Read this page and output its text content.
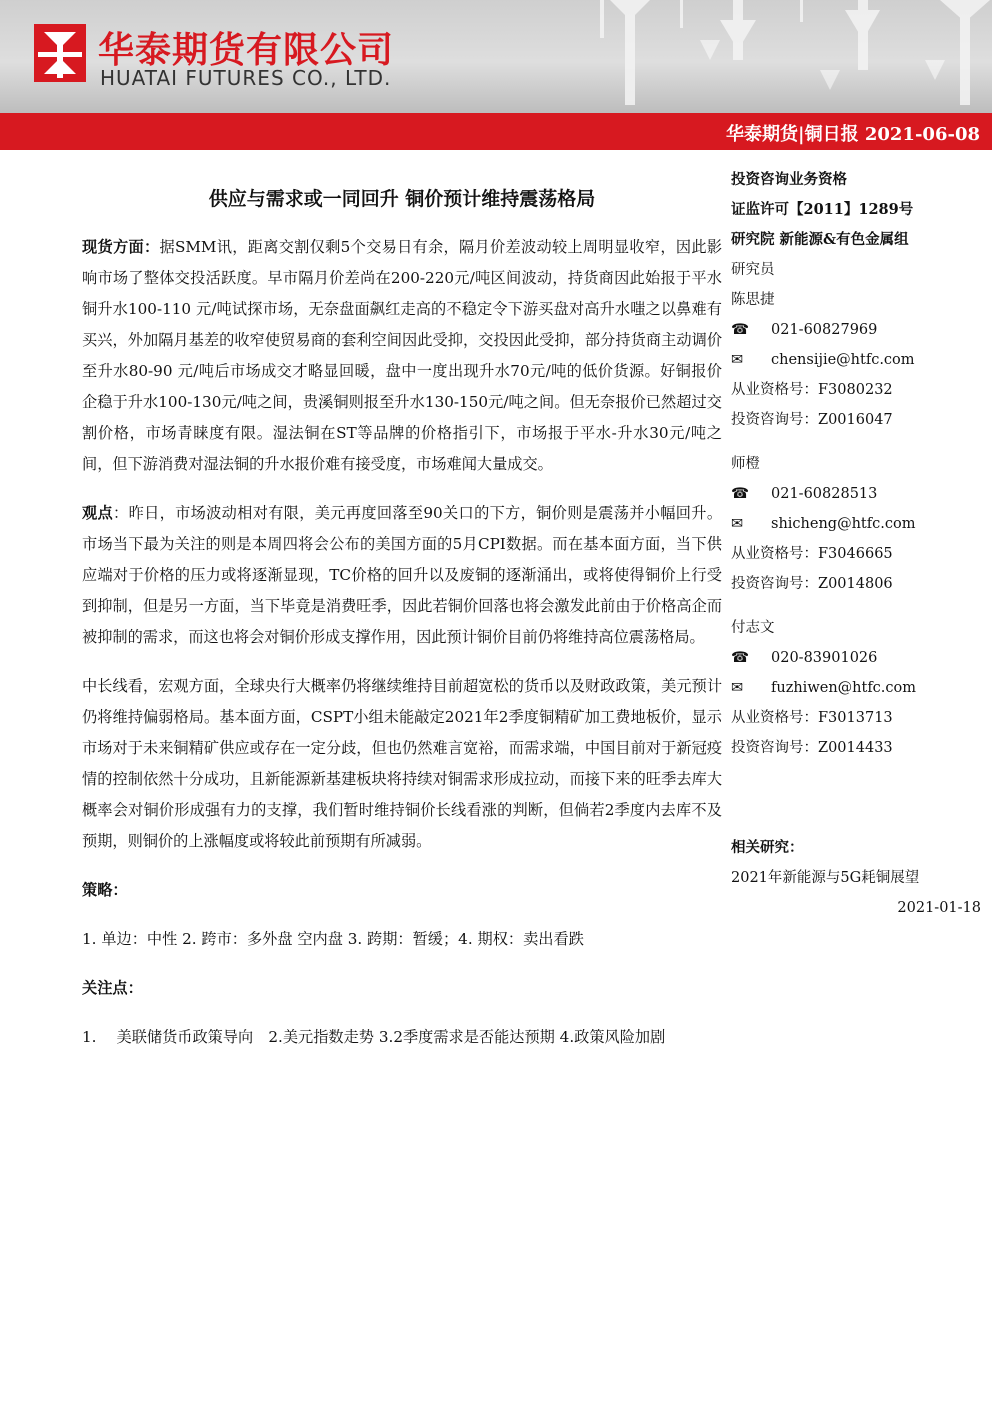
华泰期货有限公司
HUATAI FUTURES CO., LTD.
华泰期货|铜日报 2021-06-08
供应与需求或一同回升 铜价预计维持震荡格局

现货方面：据SMM讯，距离交割仅剩5个交易日有余，隔月价差波动较上周明显收窄，因此影响市场了整体交投活跃度。早市隔月价差尚在200-220元/吨区间波动，持货商因此始报于平水铜升水100-110 元/吨试探市场，无奈盘面飙红走高的不稳定令下游买盘对高升水嗤之以鼻难有买兴，外加隔月基差的收窄使贸易商的套利空间因此受抑，交投因此受抑，部分持货商主动调价至升水80-90 元/吨后市场成交才略显回暖，盘中一度出现升水70元/吨的低价货源。好铜报价企稳于升水100-130元/吨之间，贵溪铜则报至升水130-150元/吨之间。但无奈报价已然超过交割价格，市场青睐度有限。湿法铜在ST等品牌的价格指引下，市场报于平水-升水30元/吨之间，但下游消费对湿法铜的升水报价难有接受度，市场难闻大量成交。

观点：昨日，市场波动相对有限，美元再度回落至90关口的下方，铜价则是震荡并小幅回升。市场当下最为关注的则是本周四将会公布的美国方面的5月CPI数据。而在基本面方面，当下供应端对于价格的压力或将逐渐显现，TC价格的回升以及废铜的逐渐涌出，或将使得铜价上行受到抑制，但是另一方面，当下毕竟是消费旺季，因此若铜价回落也将会激发此前由于价格高企而被抑制的需求，而这也将会对铜价形成支撑作用，因此预计铜价目前仍将维持高位震荡格局。

中长线看，宏观方面，全球央行大概率仍将继续维持目前超宽松的货币以及财政政策，美元预计仍将维持偏弱格局。基本面方面，CSPT小组未能敲定2021年2季度铜精矿加工费地板价，显示市场对于未来铜精矿供应或存在一定分歧，但也仍然难言宽裕，而需求端，中国目前对于新冠疫情的控制依然十分成功，且新能源新基建板块将持续对铜需求形成拉动，而接下来的旺季去库大概率会对铜价形成强有力的支撑，我们暂时维持铜价长线看涨的判断，但倘若2季度内去库不及预期，则铜价的上涨幅度或将较此前预期有所减弱。

策略：

1. 单边：中性 2. 跨市：多外盘 空内盘 3. 跨期：暂缓；4. 期权：卖出看跌

关注点：

1.　 美联储货币政策导向　2.美元指数走势 3.2季度需求是否能达预期 4.政策风险加剧

投资咨询业务资格
证监许可【2011】1289号
研究院 新能源&有色金属组
研究员
陈思捷
☎ 021-60827969
✉ chensijie@htfc.com
从业资格号：F3080232
投资咨询号：Z0016047
师橙
☎ 021-60828513
✉ shicheng@htfc.com
从业资格号：F3046665
投资咨询号：Z0014806
付志文
☎ 020-83901026
✉ fuzhiwen@htfc.com
从业资格号：F3013713
投资咨询号：Z0014433
相关研究：
2021年新能源与5G耗铜展望
2021-01-18
